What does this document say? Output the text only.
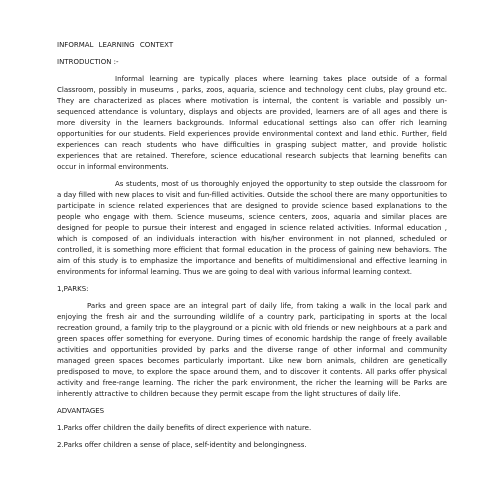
INFORMAL LEARNING CONTEXT
INTRODUCTION :-

Informal learning are typically places where learning takes place outside of a formal Classroom, possibly in museums , parks, zoos, aquaria, science and technology cent clubs, play ground etc. They are characterized as places where motivation is internal, the content is variable and possibly un-sequenced attendance is voluntary, displays and objects are provided, learners are of all ages and there is more diversity in the learners backgrounds. Informal educational settings also can offer rich learning opportunities for our students. Field experiences provide environmental context and land ethic. Further, field experiences can reach students who have difficulties in grasping subject matter, and provide holistic experiences that are retained. Therefore, science educational research subjects that learning benefits can occur in informal environments.

As students, most of us thoroughly enjoyed the opportunity to step outside the classroom for a day filled with new places to visit and fun-filled activities. Outside the school there are many opportunities to participate in science related experiences that are designed to provide science based explanations to the people who engage with them. Science museums, science centers, zoos, aquaria and similar places are designed for people to pursue their interest and engaged in science related activities. Informal education , which is composed of an individuals interaction with his/her environment in not planned, scheduled or controlled, it is something more efficient that formal education in the process of gaining new behaviors. The aim of this study is to emphasize the importance and benefits of multidimensional and effective learning in environments for informal learning. Thus we are going to deal with various informal learning context.

1,PARKS:

Parks and green space are an integral part of daily life, from taking a walk in the local park and enjoying the fresh air and the surrounding wildlife of a country park, participating in sports at the local recreation ground, a family trip to the playground or a picnic with old friends or new neighbours at a park and green spaces offer something for everyone. During times of economic hardship the range of freely available activities and opportunities provided by parks and the diverse range of other informal and community managed green spaces becomes particularly important. Like new born animals, children are genetically predisposed to move, to explore the space around them, and to discover it contents. All parks offer physical activity and free-range learning. The richer the park environment, the richer the learning will be Parks are inherently attractive to children because they permit escape from the light structures of daily life.

ADVANTAGES

1.Parks offer children the daily benefits of direct experience with nature.

2.Parks offer children a sense of place, self-identity and belongingness.
